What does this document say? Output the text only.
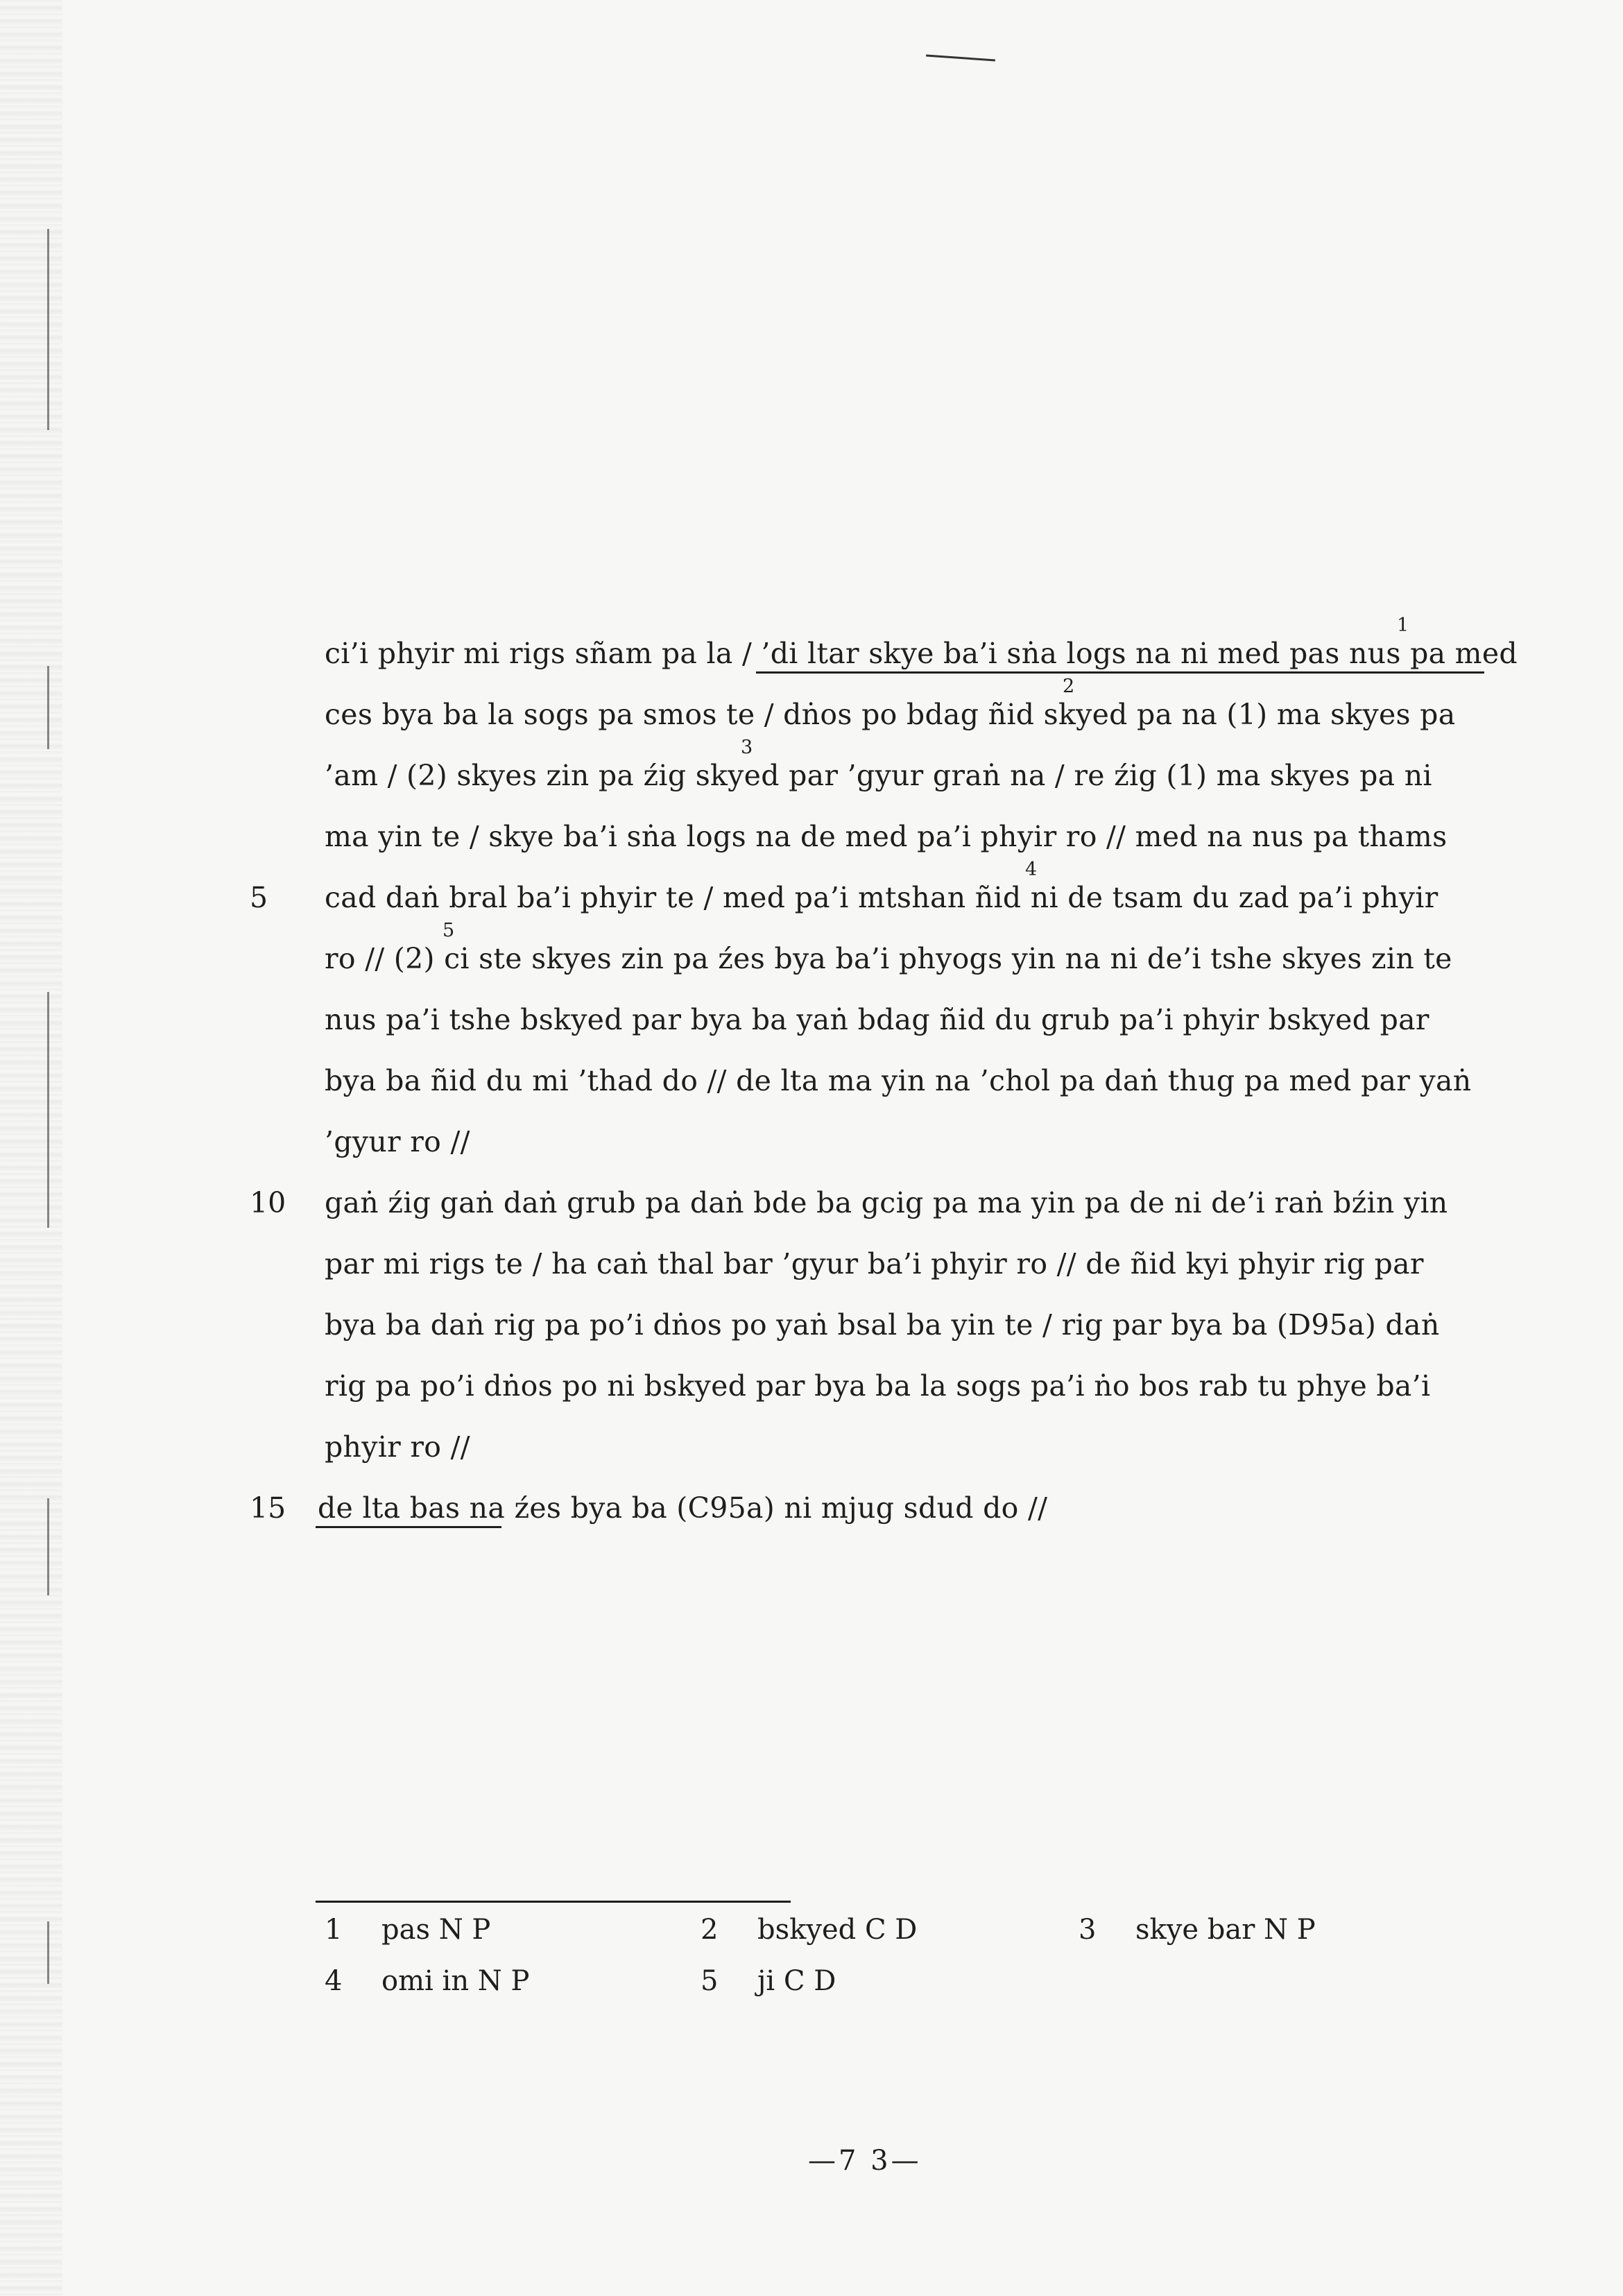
ci’i phyir mi rigs sñam pa la / ’di ltar skye ba’i sṅa logs na ni med pas nus pa med
ces bya ba la sogs pa smos te / dṅos po bdag ñid skyed pa na (1) ma skyes pa
’am / (2) skyes zin pa źig skyed par ’gyur graṅ na / re źig (1) ma skyes pa ni
ma yin te / skye ba’i sṅa logs na de med pa’i phyir ro // med na nus pa thams
cad daṅ bral ba’i phyir te / med pa’i mtshan ñid ni de tsam du zad pa’i phyir
ro // (2) ci ste skyes zin pa źes bya ba’i phyogs yin na ni de’i tshe skyes zin te
nus pa’i tshe bskyed par bya ba yaṅ bdag ñid du grub pa’i phyir bskyed par
bya ba ñid du mi ’thad do // de lta ma yin na ’chol pa daṅ thug pa med par yaṅ
’gyur ro //
gaṅ źig gaṅ daṅ grub pa daṅ bde ba gcig pa ma yin pa de ni de’i raṅ bźin yin
par mi rigs te / ha caṅ thal bar ’gyur ba’i phyir ro // de ñid kyi phyir rig par
bya ba daṅ rig pa po’i dṅos po yaṅ bsal ba yin te / rig par bya ba (D95a) daṅ
rig pa po’i dṅos po ni bskyed par bya ba la sogs pa’i ṅo bos rab tu phye ba’i
phyir ro //
de lta bas na źes bya ba (C95a) ni mjug sdud do //
5
10
15
1
2
3
4
5
1 pas N P	2 bskyed C D	3 skye bar N P
4 omi in N P	5 ji C D
—7 3—
